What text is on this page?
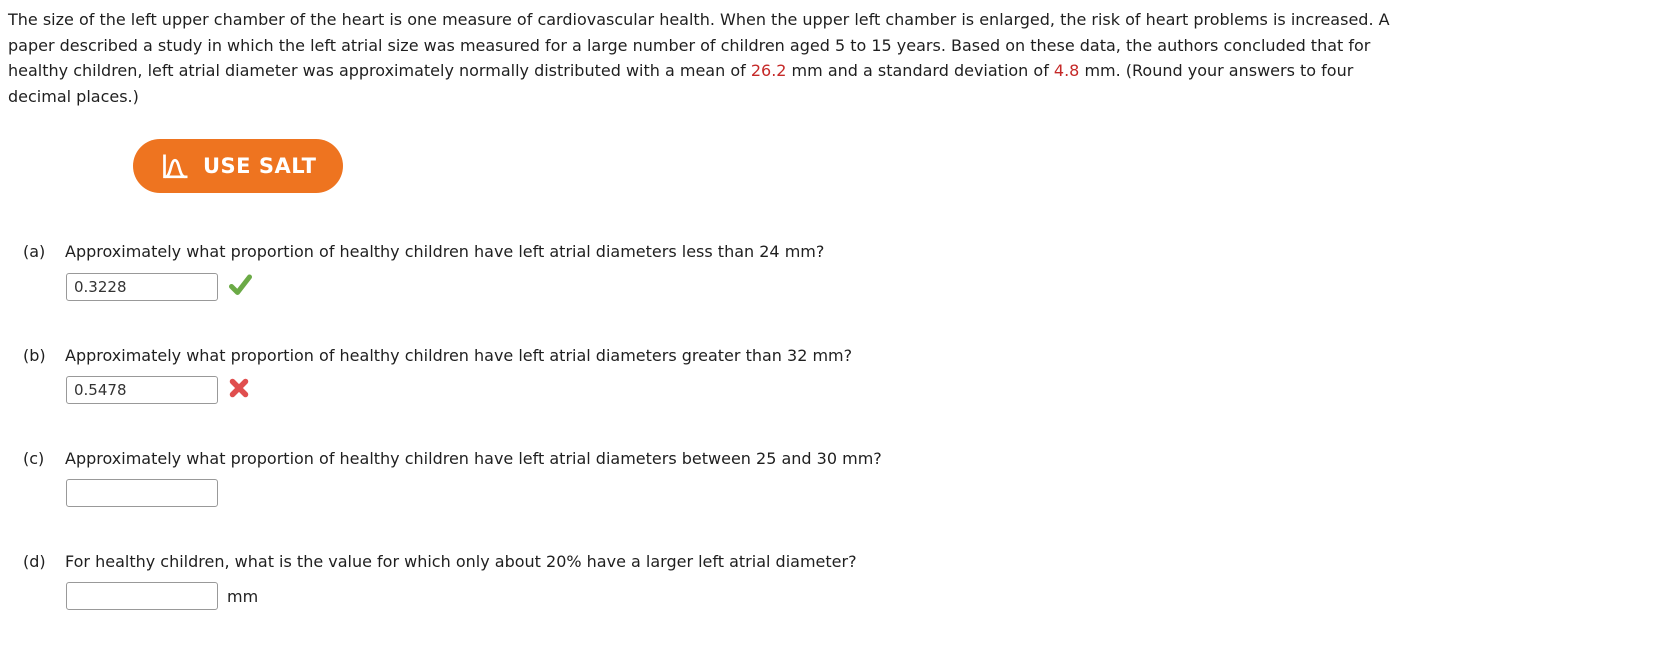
The size of the left upper chamber of the heart is one measure of cardiovascular health. When the upper left chamber is enlarged, the risk of heart problems is increased. A
paper described a study in which the left atrial size was measured for a large number of children aged 5 to 15 years. Based on these data, the authors concluded that for
healthy children, left atrial diameter was approximately normally distributed with a mean of 26.2 mm and a standard deviation of 4.8 mm. (Round your answers to four
decimal places.)
USE SALT
(a)	Approximately what proportion of healthy children have left atrial diameters less than 24 mm?
0.3228
(b)	Approximately what proportion of healthy children have left atrial diameters greater than 32 mm?
0.5478
(c)	Approximately what proportion of healthy children have left atrial diameters between 25 and 30 mm?
(d)	For healthy children, what is the value for which only about 20% have a larger left atrial diameter?
mm
